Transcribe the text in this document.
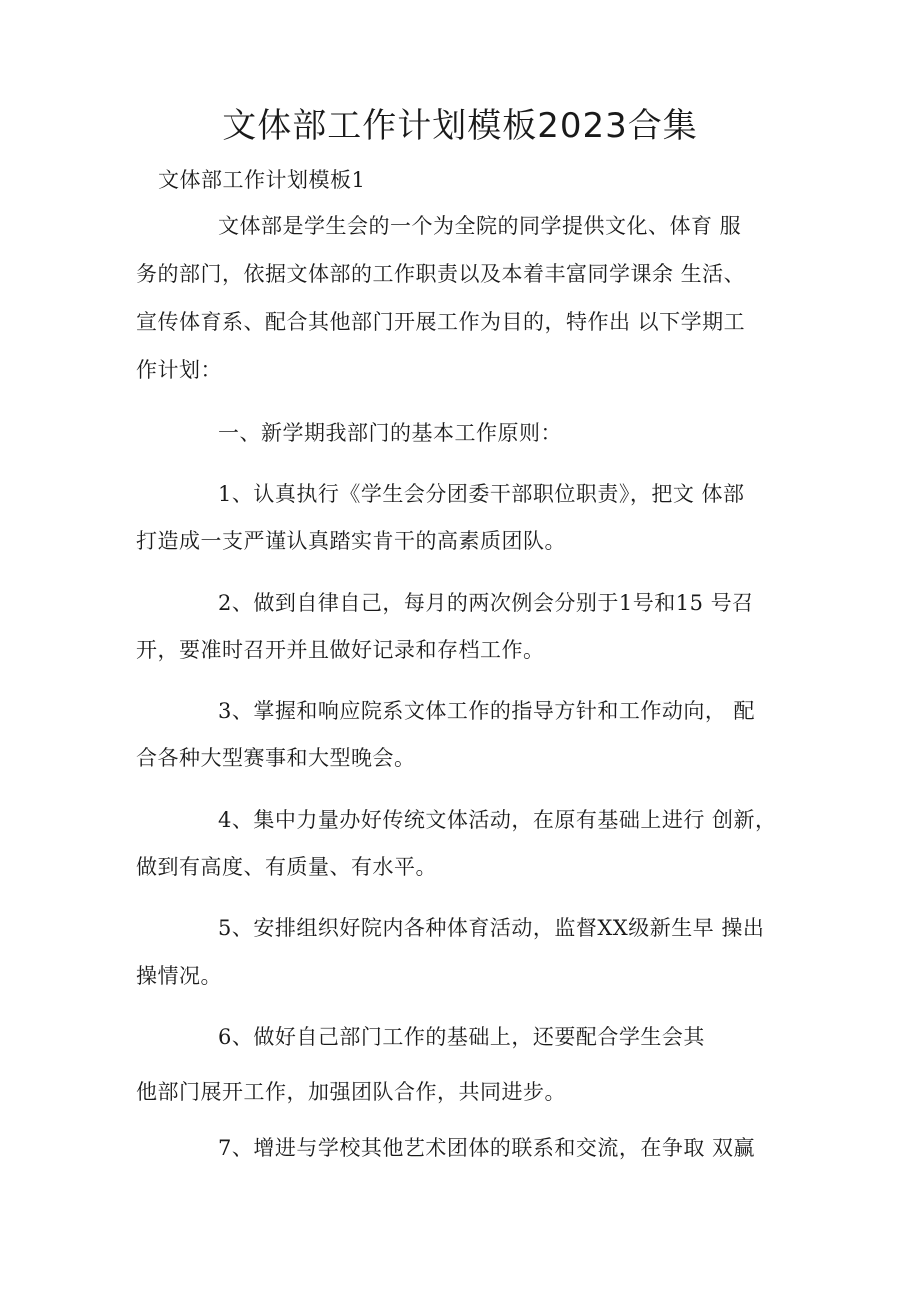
文体部工作计划模板2023合集
文体部工作计划模板1
文体部是学生会的一个为全院的同学提供文化、体育 服
务的部门，依据文体部的工作职责以及本着丰富同学课余 生活、
宣传体育系、配合其他部门开展工作为目的，特作出 以下学期工
作计划：
一、新学期我部门的基本工作原则：
1、认真执行《学生会分团委干部职位职责》，把文 体部
打造成一支严谨认真踏实肯干的高素质团队。
2、做到自律自己，每月的两次例会分别于1号和15 号召
开，要准时召开并且做好记录和存档工作。
3、掌握和响应院系文体工作的指导方针和工作动向， 配
合各种大型赛事和大型晚会。
4、集中力量办好传统文体活动，在原有基础上进行 创新，
做到有高度、有质量、有水平。
5、安排组织好院内各种体育活动，监督XX级新生早 操出
操情况。
6、做好自己部门工作的基础上，还要配合学生会其
他部门展开工作，加强团队合作，共同进步。
7、增进与学校其他艺术团体的联系和交流，在争取 双赢
